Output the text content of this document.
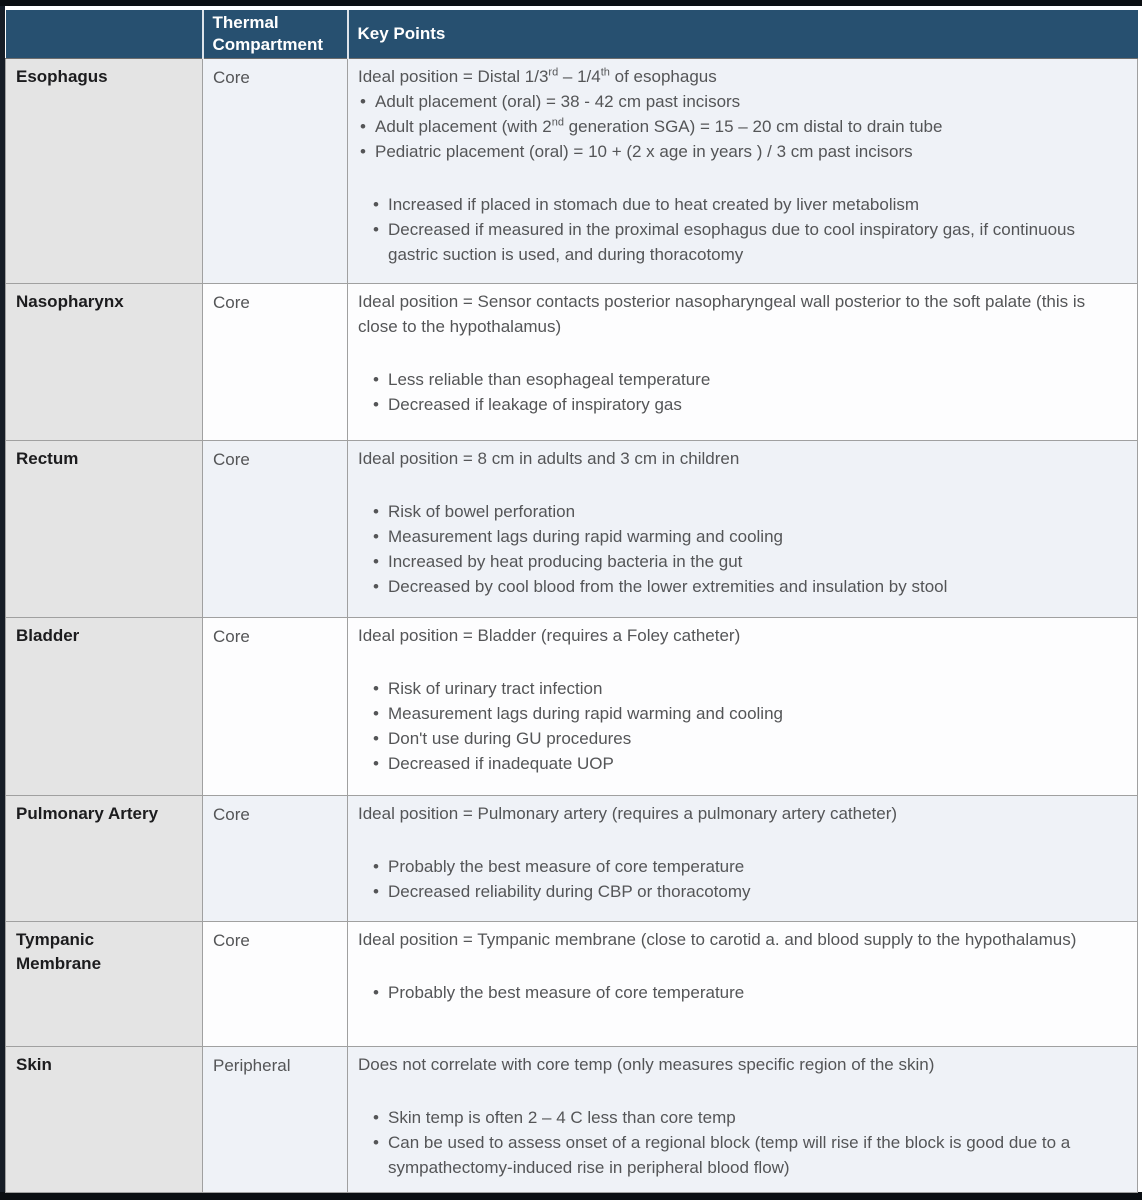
	Thermal Compartment	Key Points

Esophagus	Core	Ideal position = Distal 1/3rd – 1/4th of esophagus
• Adult placement (oral) = 38 - 42 cm past incisors
• Adult placement (with 2nd generation SGA) = 15 – 20 cm distal to drain tube
• Pediatric placement (oral) = 10 + (2 x age in years ) / 3 cm past incisors
• Increased if placed in stomach due to heat created by liver metabolism
• Decreased if measured in the proximal esophagus due to cool inspiratory gas, if continuous gastric suction is used, and during thoracotomy

Nasopharynx	Core	Ideal position = Sensor contacts posterior nasopharyngeal wall posterior to the soft palate (this is close to the hypothalamus)
• Less reliable than esophageal temperature
• Decreased if leakage of inspiratory gas

Rectum	Core	Ideal position = 8 cm in adults and 3 cm in children
• Risk of bowel perforation
• Measurement lags during rapid warming and cooling
• Increased by heat producing bacteria in the gut
• Decreased by cool blood from the lower extremities and insulation by stool

Bladder	Core	Ideal position = Bladder (requires a Foley catheter)
• Risk of urinary tract infection
• Measurement lags during rapid warming and cooling
• Don't use during GU procedures
• Decreased if inadequate UOP

Pulmonary Artery	Core	Ideal position = Pulmonary artery (requires a pulmonary artery catheter)
• Probably the best measure of core temperature
• Decreased reliability during CBP or thoracotomy

Tympanic Membrane	Core	Ideal position = Tympanic membrane (close to carotid a. and blood supply to the hypothalamus)
• Probably the best measure of core temperature

Skin	Peripheral	Does not correlate with core temp (only measures specific region of the skin)
• Skin temp is often 2 – 4 C less than core temp
• Can be used to assess onset of a regional block (temp will rise if the block is good due to a sympathectomy-induced rise in peripheral blood flow)
